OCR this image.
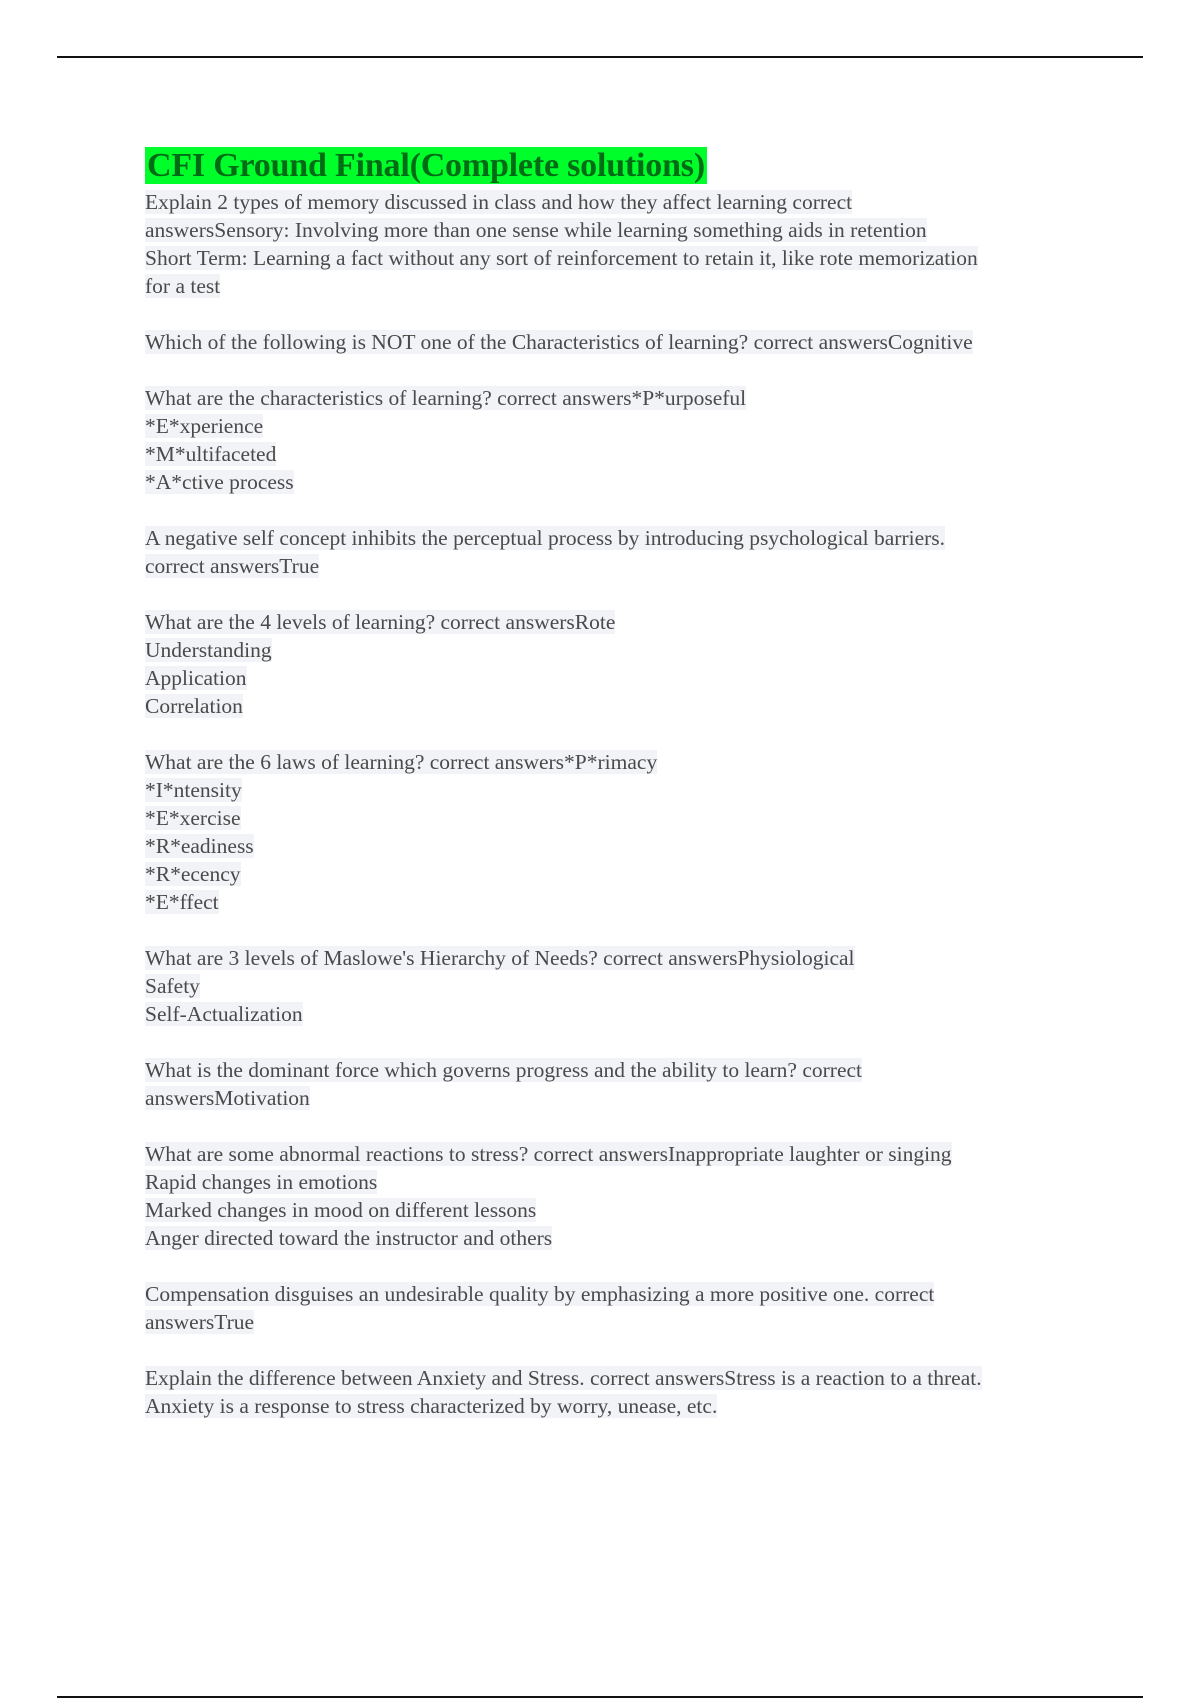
CFI Ground Final(Complete solutions)
Explain 2 types of memory discussed in class and how they affect learning correct
answersSensory: Involving more than one sense while learning something aids in retention
Short Term: Learning a fact without any sort of reinforcement to retain it, like rote memorization
for a test
Which of the following is NOT one of the Characteristics of learning? correct answersCognitive
What are the characteristics of learning? correct answers*P*urposeful
*E*xperience
*M*ultifaceted
*A*ctive process
A negative self concept inhibits the perceptual process by introducing psychological barriers.
correct answersTrue
What are the 4 levels of learning? correct answersRote
Understanding
Application
Correlation
What are the 6 laws of learning? correct answers*P*rimacy
*I*ntensity
*E*xercise
*R*eadiness
*R*ecency
*E*ffect
What are 3 levels of Maslowe's Hierarchy of Needs? correct answersPhysiological
Safety
Self-Actualization
What is the dominant force which governs progress and the ability to learn? correct
answersMotivation
What are some abnormal reactions to stress? correct answersInappropriate laughter or singing
Rapid changes in emotions
Marked changes in mood on different lessons
Anger directed toward the instructor and others
Compensation disguises an undesirable quality by emphasizing a more positive one. correct
answersTrue
Explain the difference between Anxiety and Stress. correct answersStress is a reaction to a threat.
Anxiety is a response to stress characterized by worry, unease, etc.
